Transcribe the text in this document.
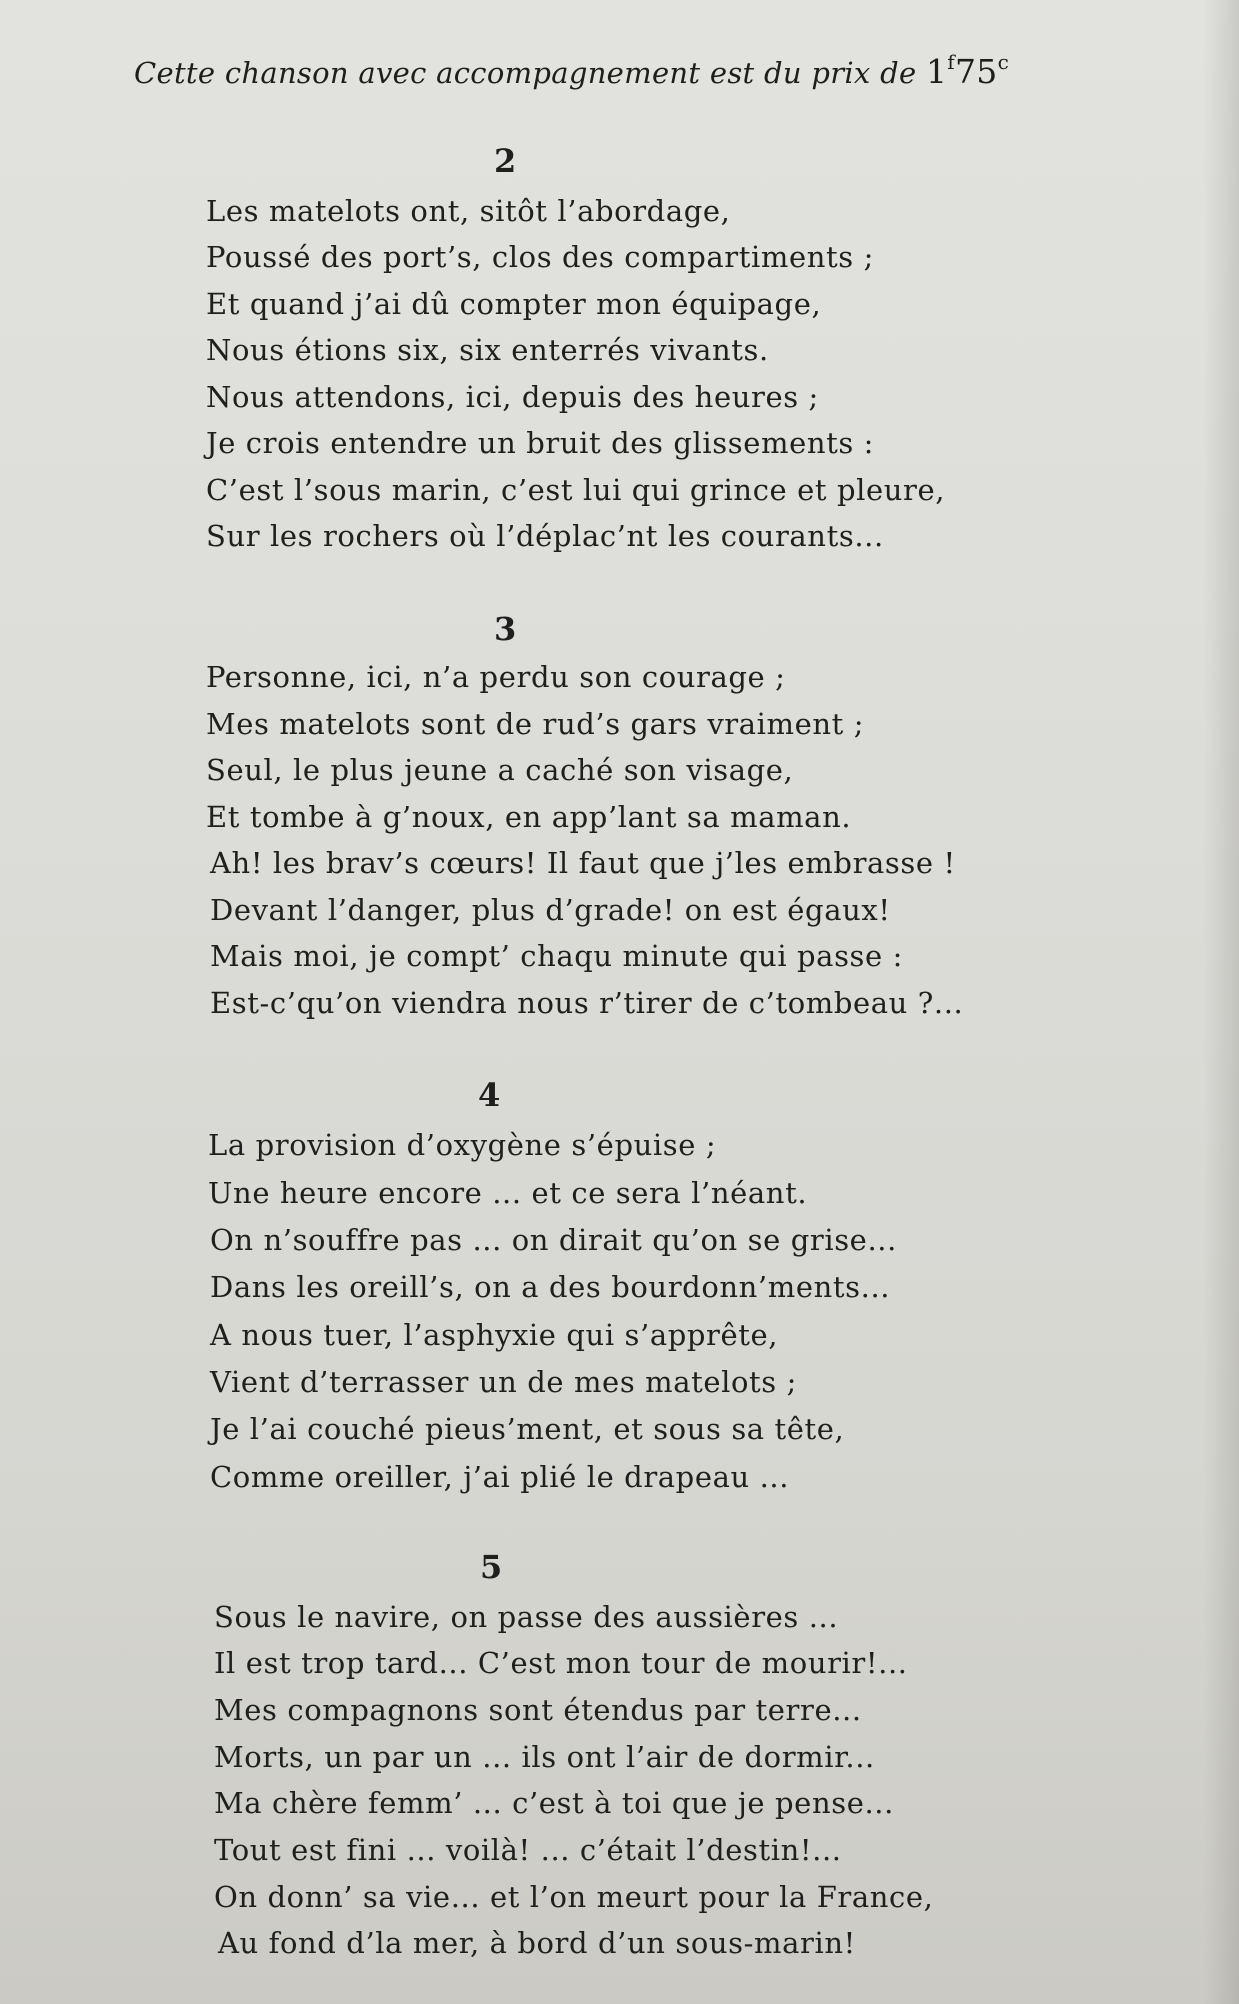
Cette chanson avec accompagnement est du prix de 1$^f$75$^c$
2
Les matelots ont, sitôt l’abordage,
Poussé des port’s, clos des compartiments ;
Et quand j’ai dû compter mon équipage,
Nous étions six, six enterrés vivants.
Nous attendons, ici, depuis des heures ;
Je crois entendre un bruit des glissements :
C’est l’sous marin, c’est lui qui grince et pleure,
Sur les rochers où l’déplac’nt les courants...
3
Personne, ici, n’a perdu son courage ;
Mes matelots sont de rud’s gars vraiment ;
Seul, le plus jeune a caché son visage,
Et tombe à g’noux, en app’lant sa maman.
Ah! les brav’s cœurs! Il faut que j’les embrasse !
Devant l’danger, plus d’grade! on est égaux!
Mais moi, je compt’ chaqu minute qui passe :
Est-c’qu’on viendra nous r’tirer de c’tombeau ?...
4
La provision d’oxygène s’épuise ;
Une heure encore ... et ce sera l’néant.
On n’souffre pas ... on dirait qu’on se grise...
Dans les oreill’s, on a des bourdonn’ments...
A nous tuer, l’asphyxie qui s’apprête,
Vient d’terrasser un de mes matelots ;
Je l’ai couché pieus’ment, et sous sa tête,
Comme oreiller, j’ai plié le drapeau ...
5
Sous le navire, on passe des aussières ...
Il est trop tard... C’est mon tour de mourir!...
Mes compagnons sont étendus par terre...
Morts, un par un ... ils ont l’air de dormir...
Ma chère femm’ ... c’est à toi que je pense...
Tout est fini ... voilà! ... c’était l’destin!...
On donn’ sa vie... et l’on meurt pour la France,
Au fond d’la mer, à bord d’un sous-marin!
